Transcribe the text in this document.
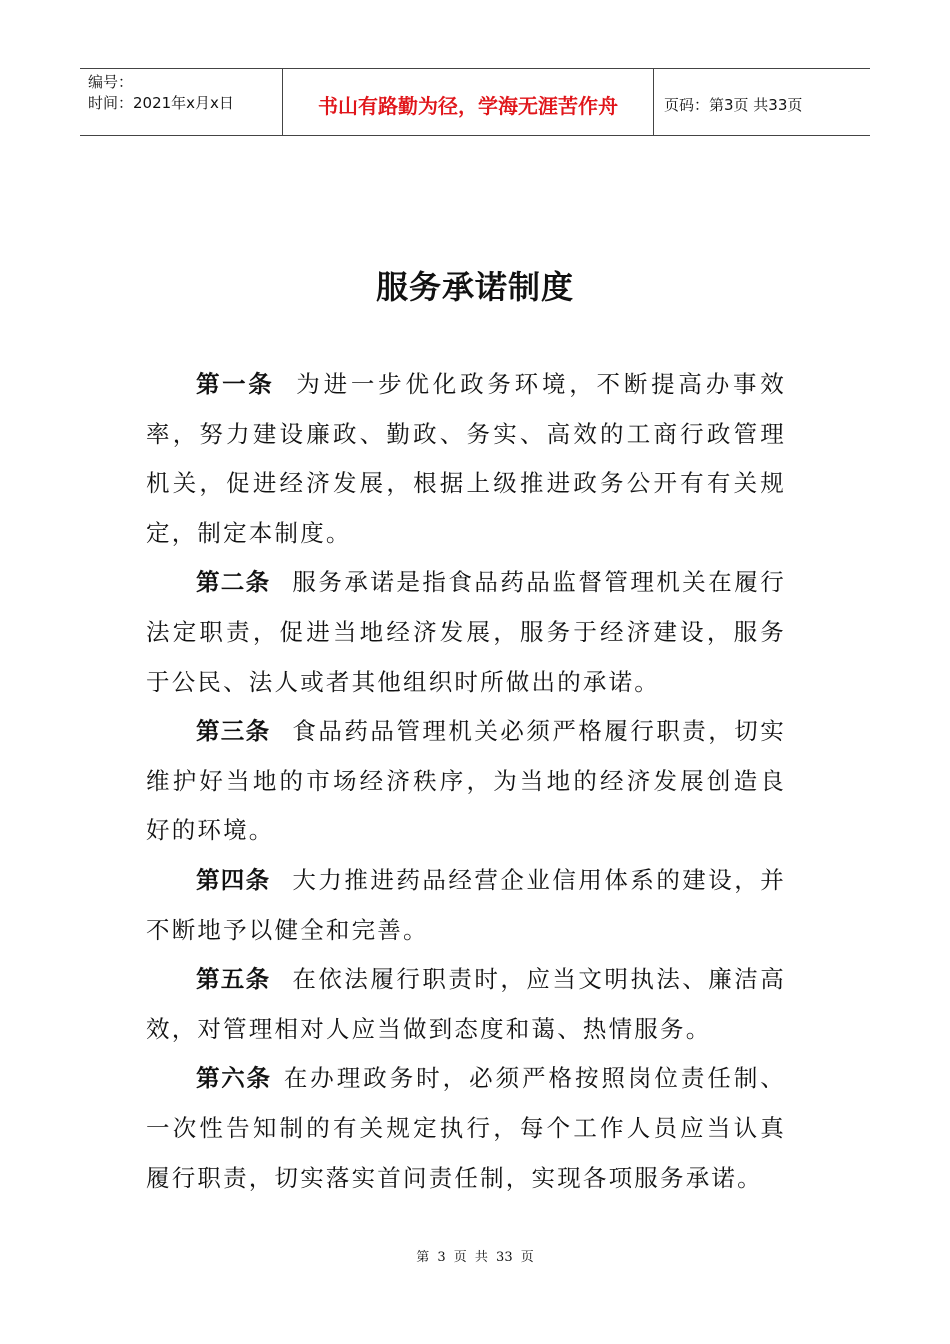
编号：
时间：2021年x月x日	书山有路勤为径，学海无涯苦作舟	页码：第3页 共33页
服务承诺制度

第一条 为进一步优化政务环境，不断提高办事效率，努力建设廉政、勤政、务实、高效的工商行政管理机关，促进经济发展，根据上级推进政务公开有有关规定，制定本制度。

第二条 服务承诺是指食品药品监督管理机关在履行法定职责，促进当地经济发展，服务于经济建设，服务于公民、法人或者其他组织时所做出的承诺。

第三条 食品药品管理机关必须严格履行职责，切实维护好当地的市场经济秩序，为当地的经济发展创造良好的环境。

第四条 大力推进药品经营企业信用体系的建设，并不断地予以健全和完善。

第五条 在依法履行职责时，应当文明执法、廉洁高效，对管理相对人应当做到态度和蔼、热情服务。

第六条 在办理政务时，必须严格按照岗位责任制、一次性告知制的有关规定执行，每个工作人员应当认真履行职责，切实落实首问责任制，实现各项服务承诺。

第 3 页 共 33 页
